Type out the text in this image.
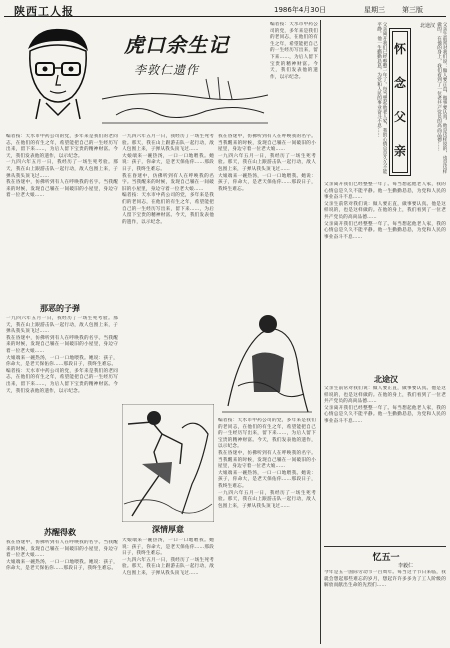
陕西工人报	1986年4月30日	星期三 第三版
虎口余生记
李敦仁遗作
编者按：天水市中药公司的党，多年来是我们的老同志，在他们的有生之年，希望能把自己的一生经历写出来，留下来……，为后人留下宝贵的精神财富。今天，我们发表他的遗作，以示纪念。
编者按：天水市中药公司的党，多年来是我们的老同志，在他们的有生之年，希望能把自己的一生经历写出来，留下来……，为后人留下宝贵的精神财富。今天，我们发表他的遗作，以示纪念。
一九四六年五月一日，我经历了一场生死考验。那天，我在山上跟游击队一起行动，敌人包围上来，子弹从我头顶飞过……
我在昏迷中，仿佛听到有人在呼唤我的名字。当我醒来的时候，发现自己躺在一间破旧的小屋里，身边守着一位老大娘……
那恶的子弹
一九四六年五月一日，我经历了一场生死考验。那天，我在山上跟游击队一起行动，敌人包围上来，子弹从我头顶飞过……
我在昏迷中，仿佛听到有人在呼唤我的名字。当我醒来的时候，发现自己躺在一间破旧的小屋里，身边守着一位老大娘……
大娘端来一碗热汤，一口一口地喂我。她说：孩子，你命大，是老天保佑你……那段日子，我终生难忘。
编者按：天水市中药公司的党，多年来是我们的老同志，在他们的有生之年，希望能把自己的一生经历写出来，留下来……，为后人留下宝贵的精神财富。今天，我们发表他的遗作，以示纪念。
苏醒得救
我在昏迷中，仿佛听到有人在呼唤我的名字。当我醒来的时候，发现自己躺在一间破旧的小屋里，身边守着一位老大娘……
大娘端来一碗热汤，一口一口地喂我。她说：孩子，你命大，是老天保佑你……那段日子，我终生难忘。
一九四六年五月一日，我经历了一场生死考验。那天，我在山上跟游击队一起行动，敌人包围上来，子弹从我头顶飞过……
大娘端来一碗热汤，一口一口地喂我。她说：孩子，你命大，是老天保佑你……那段日子，我终生难忘。
我在昏迷中，仿佛听到有人在呼唤我的名字。当我醒来的时候，发现自己躺在一间破旧的小屋里，身边守着一位老大娘……
编者按：天水市中药公司的党，多年来是我们的老同志，在他们的有生之年，希望能把自己的一生经历写出来，留下来……，为后人留下宝贵的精神财富。今天，我们发表他的遗作，以示纪念。
深情厚意
大娘端来一碗热汤，一口一口地喂我。她说：孩子，你命大，是老天保佑你……那段日子，我终生难忘。
一九四六年五月一日，我经历了一场生死考验。那天，我在山上跟游击队一起行动，敌人包围上来，子弹从我头顶飞过……
我在昏迷中，仿佛听到有人在呼唤我的名字。当我醒来的时候，发现自己躺在一间破旧的小屋里，身边守着一位老大娘……
一九四六年五月一日，我经历了一场生死考验。那天，我在山上跟游击队一起行动，敌人包围上来，子弹从我头顶飞过……
大娘端来一碗热汤，一口一口地喂我。她说：孩子，你命大，是老天保佑你……那段日子，我终生难忘。
编者按：天水市中药公司的党，多年来是我们的老同志，在他们的有生之年，希望能把自己的一生经历写出来，留下来……，为后人留下宝贵的精神财富。今天，我们发表他的遗作，以示纪念。
我在昏迷中，仿佛听到有人在呼唤我的名字。当我醒来的时候，发现自己躺在一间破旧的小屋里，身边守着一位老大娘……
大娘端来一碗热汤，一口一口地喂我。她说：孩子，你命大，是老天保佑你……那段日子，我终生难忘。
一九四六年五月一日，我经历了一场生死考验。那天，我在山上跟游击队一起行动，敌人包围上来，子弹从我头顶飞过……
父亲离开我们已经整整一年了。每当想起他老人家，我的心情总是久久不能平静。他一生勤勤恳恳，为党和人民的事业奋斗不息……	怀
念
父
亲	父亲生前常对我们说：做人要正直，做事要认真。他是这样说的，也是这样做的。在他的身上，我们看到了一位老共产党员的高尚品德……
北途汉
父亲离开我们已经整整一年了。每当想起他老人家，我的心情总是久久不能平静。他一生勤勤恳恳，为党和人民的事业奋斗不息……
父亲生前常对我们说：做人要正直，做事要认真。他是这样说的，也是这样做的。在他的身上，我们看到了一位老共产党员的高尚品德……
父亲离开我们已经整整一年了。每当想起他老人家，我的心情总是久久不能平静。他一生勤勤恳恳，为党和人民的事业奋斗不息……
北途汉
父亲生前常对我们说：做人要正直，做事要认真。他是这样说的，也是这样做的。在他的身上，我们看到了一位老共产党员的高尚品德……
父亲离开我们已经整整一年了。每当想起他老人家，我的心情总是久久不能平静。他一生勤勤恳恳，为党和人民的事业奋斗不息……
忆五一
李毅仁
今年是五一国际劳动节一百周年。每当这个节日来临，我就会想起那些难忘的岁月，想起许许多多为了工人阶级的解放而献出生命的先烈们……
